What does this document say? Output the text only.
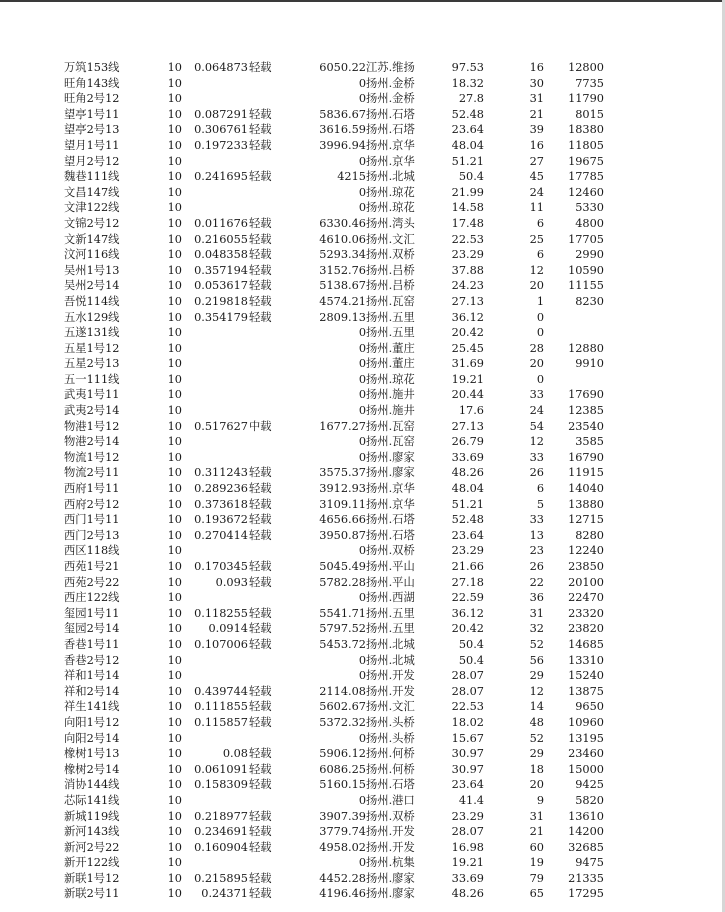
万筑153线	10	0.064873 轻载	6050.22 江苏.维扬	97.53	16	12800
旺角143线	10	0 扬州.金桥	18.32	30	7735
旺角2号12	10	0 扬州.金桥	27.8	31	11790
望亭1号11	10	0.087291 轻载	5836.67 扬州.石塔	52.48	21	8015
望亭2号13	10	0.306761 轻载	3616.59 扬州.石塔	23.64	39	18380
望月1号11	10	0.197233 轻载	3996.94 扬州.京华	48.04	16	11805
望月2号12	10	0 扬州.京华	51.21	27	19675
魏巷111线	10	0.241695 轻载	4215 扬州.北城	50.4	45	17785
文昌147线	10	0 扬州.琼花	21.99	24	12460
文津122线	10	0 扬州.琼花	14.58	11	5330
文锦2号12	10	0.011676 轻载	6330.46 扬州.湾头	17.48	6	4800
文新147线	10	0.216055 轻载	4610.06 扬州.文汇	22.53	25	17705
汶河116线	10	0.048358 轻载	5293.34 扬州.双桥	23.29	6	2990
吴州1号13	10	0.357194 轻载	3152.76 扬州.吕桥	37.88	12	10590
吴州2号14	10	0.053617 轻载	5138.67 扬州.吕桥	24.23	20	11155
吾悦114线	10	0.219818 轻载	4574.21 扬州.瓦窑	27.13	1	8230
五水129线	10	0.354179 轻载	2809.13 扬州.五里	36.12	0
五遂131线	10	0 扬州.五里	20.42	0
五星1号12	10	0 扬州.董庄	25.45	28	12880
五星2号13	10	0 扬州.董庄	31.69	20	9910
五一111线	10	0 扬州.琼花	19.21	0
武夷1号11	10	0 扬州.施井	20.44	33	17690
武夷2号14	10	0 扬州.施井	17.6	24	12385
物港1号12	10	0.517627 中载	1677.27 扬州.瓦窑	27.13	54	23540
物港2号14	10	0 扬州.瓦窑	26.79	12	3585
物流1号12	10	0 扬州.廖家	33.69	33	16790
物流2号11	10	0.311243 轻载	3575.37 扬州.廖家	48.26	26	11915
西府1号11	10	0.289236 轻载	3912.93 扬州.京华	48.04	6	14040
西府2号12	10	0.373618 轻载	3109.11 扬州.京华	51.21	5	13880
西门1号11	10	0.193672 轻载	4656.66 扬州.石塔	52.48	33	12715
西门2号13	10	0.270414 轻载	3950.87 扬州.石塔	23.64	13	8280
西区118线	10	0 扬州.双桥	23.29	23	12240
西苑1号21	10	0.170345 轻载	5045.49 扬州.平山	21.66	26	23850
西苑2号22	10	0.093 轻载	5782.28 扬州.平山	27.18	22	20100
西庄122线	10	0 扬州.西湖	22.59	36	22470
玺园1号11	10	0.118255 轻载	5541.71 扬州.五里	36.12	31	23320
玺园2号14	10	0.0914 轻载	5797.52 扬州.五里	20.42	32	23820
香巷1号11	10	0.107006 轻载	5453.72 扬州.北城	50.4	52	14685
香巷2号12	10	0 扬州.北城	50.4	56	13310
祥和1号14	10	0 扬州.开发	28.07	29	15240
祥和2号14	10	0.439744 轻载	2114.08 扬州.开发	28.07	12	13875
祥生141线	10	0.111855 轻载	5602.67 扬州.文汇	22.53	14	9650
向阳1号12	10	0.115857 轻载	5372.32 扬州.头桥	18.02	48	10960
向阳2号14	10	0 扬州.头桥	15.67	52	13195
橡树1号13	10	0.08 轻载	5906.12 扬州.何桥	30.97	29	23460
橡树2号14	10	0.061091 轻载	6086.25 扬州.何桥	30.97	18	15000
消协144线	10	0.158309 轻载	5160.15 扬州.石塔	23.64	20	9425
芯际141线	10	0 扬州.港口	41.4	9	5820
新城119线	10	0.218977 轻载	3907.39 扬州.双桥	23.29	31	13610
新河143线	10	0.234691 轻载	3779.74 扬州.开发	28.07	21	14200
新河2号22	10	0.160904 轻载	4958.02 扬州.开发	16.98	60	32685
新开122线	10	0 扬州.杭集	19.21	19	9475
新联1号12	10	0.215895 轻载	4452.28 扬州.廖家	33.69	79	21335
新联2号11	10	0.24371 轻载	4196.46 扬州.廖家	48.26	65	17295
